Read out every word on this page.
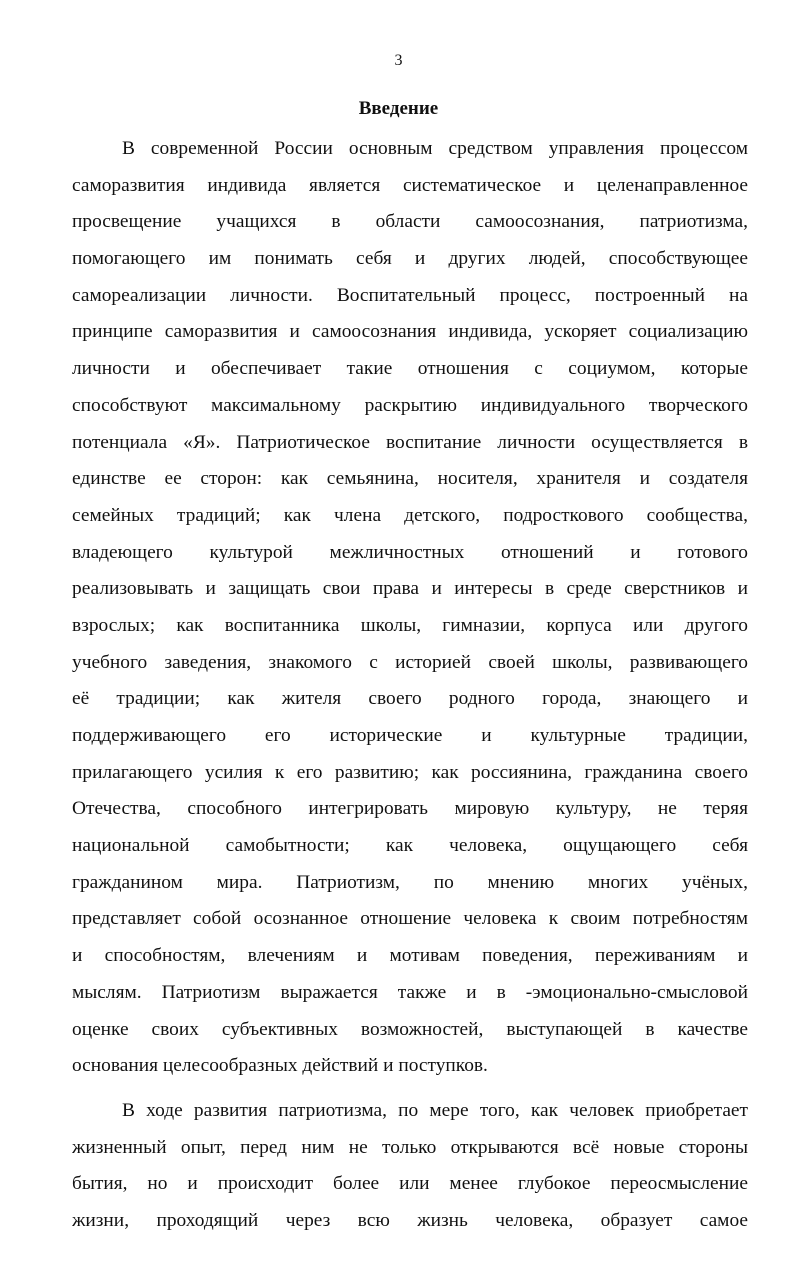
3
Введение
В современной России основным средством управления процессом
саморазвития индивида является систематическое и целенаправленное
просвещение учащихся в области самоосознания, патриотизма,
помогающего им понимать себя и других людей, способствующее
самореализации личности. Воспитательный процесс, построенный на
принципе саморазвития и самоосознания индивида, ускоряет социализацию
личности и обеспечивает такие отношения с социумом, которые
способствуют максимальному раскрытию индивидуального творческого
потенциала «Я». Патриотическое воспитание личности осуществляется в
единстве ее сторон: как семьянина, носителя, хранителя и создателя
семейных традиций; как члена детского, подросткового сообщества,
владеющего культурой межличностных отношений и готового
реализовывать и защищать свои права и интересы в среде сверстников и
взрослых; как воспитанника школы, гимназии, корпуса или другого
учебного заведения, знакомого с историей своей школы, развивающего
её традиции; как жителя своего родного города, знающего и
поддерживающего его исторические и культурные традиции,
прилагающего усилия к его развитию; как россиянина, гражданина своего
Отечества, способного интегрировать мировую культуру, не теряя
национальной самобытности; как человека, ощущающего себя
гражданином мира. Патриотизм, по мнению многих учёных,
представляет собой осознанное отношение человека к своим потребностям
и способностям, влечениям и мотивам поведения, переживаниям и
мыслям. Патриотизм выражается также и в -эмоционально-смысловой
оценке своих субъективных возможностей, выступающей в качестве
основания целесообразных действий и поступков.
В ходе развития патриотизма, по мере того, как человек приобретает
жизненный опыт, перед ним не только открываются всё новые стороны
бытия, но и происходит более или менее глубокое переосмысление
жизни, проходящий через всю жизнь человека, образует самое
